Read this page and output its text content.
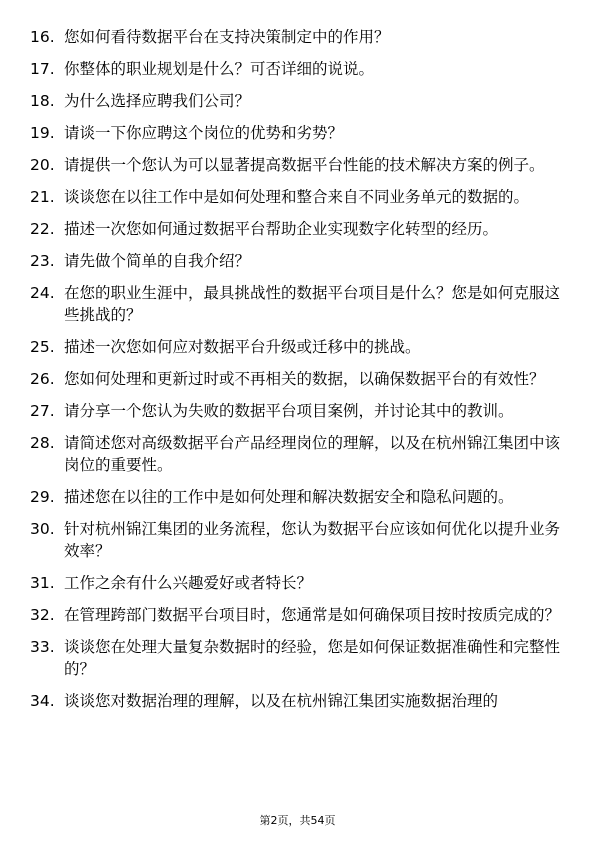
16. 您如何看待数据平台在支持决策制定中的作用？
17. 你整体的职业规划是什么？可否详细的说说。
18. 为什么选择应聘我们公司？
19. 请谈一下你应聘这个岗位的优势和劣势？
20. 请提供一个您认为可以显著提高数据平台性能的技术解决方案的例子。
21. 谈谈您在以往工作中是如何处理和整合来自不同业务单元的数据的。
22. 描述一次您如何通过数据平台帮助企业实现数字化转型的经历。
23. 请先做个简单的自我介绍？
24. 在您的职业生涯中，最具挑战性的数据平台项目是什么？您是如何克服这些挑战的？
25. 描述一次您如何应对数据平台升级或迁移中的挑战。
26. 您如何处理和更新过时或不再相关的数据，以确保数据平台的有效性？
27. 请分享一个您认为失败的数据平台项目案例，并讨论其中的教训。
28. 请简述您对高级数据平台产品经理岗位的理解，以及在杭州锦江集团中该岗位的重要性。
29. 描述您在以往的工作中是如何处理和解决数据安全和隐私问题的。
30. 针对杭州锦江集团的业务流程，您认为数据平台应该如何优化以提升业务效率？
31. 工作之余有什么兴趣爱好或者特长？
32. 在管理跨部门数据平台项目时，您通常是如何确保项目按时按质完成的？
33. 谈谈您在处理大量复杂数据时的经验，您是如何保证数据准确性和完整性的？
34. 谈谈您对数据治理的理解，以及在杭州锦江集团实施数据治理的
第2页，共54页
